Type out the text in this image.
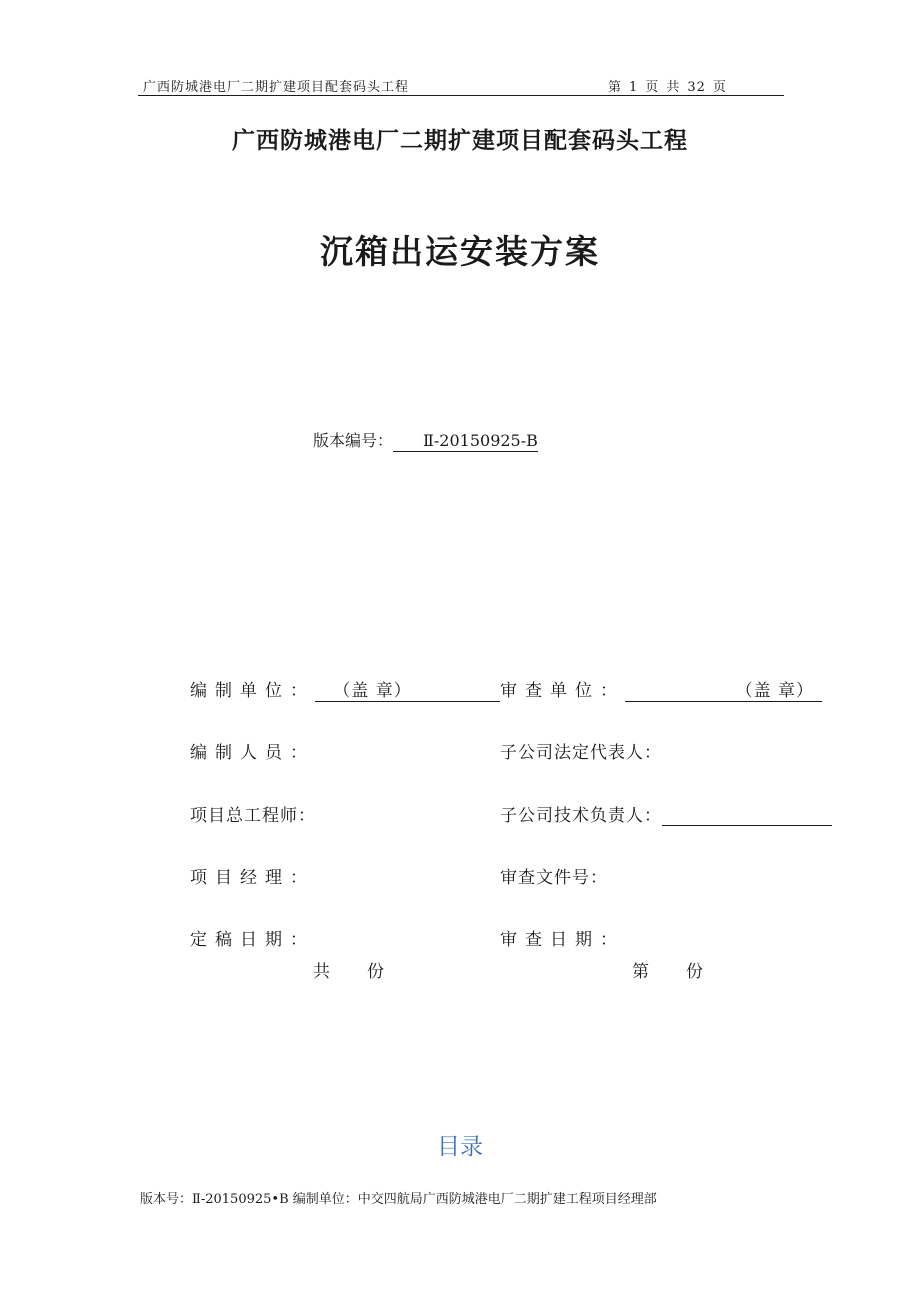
广西防城港电厂二期扩建项目配套码头工程	第 1 页 共 32 页
广西防城港电厂二期扩建项目配套码头工程
沉箱出运安装方案
版本编号： Ⅱ-20150925-B
编制单位： （盖 章）	审查单位：	（盖 章）
编制人员：	子公司法定代表人：
项目总工程师：	子公司技术负责人：
项目经理：	审查文件号：
定稿日期：	审查日期：
共　　份	第　　份
目录
版本号：Ⅱ-20150925•B 编制单位：中交四航局广西防城港电厂二期扩建工程项目经理部
